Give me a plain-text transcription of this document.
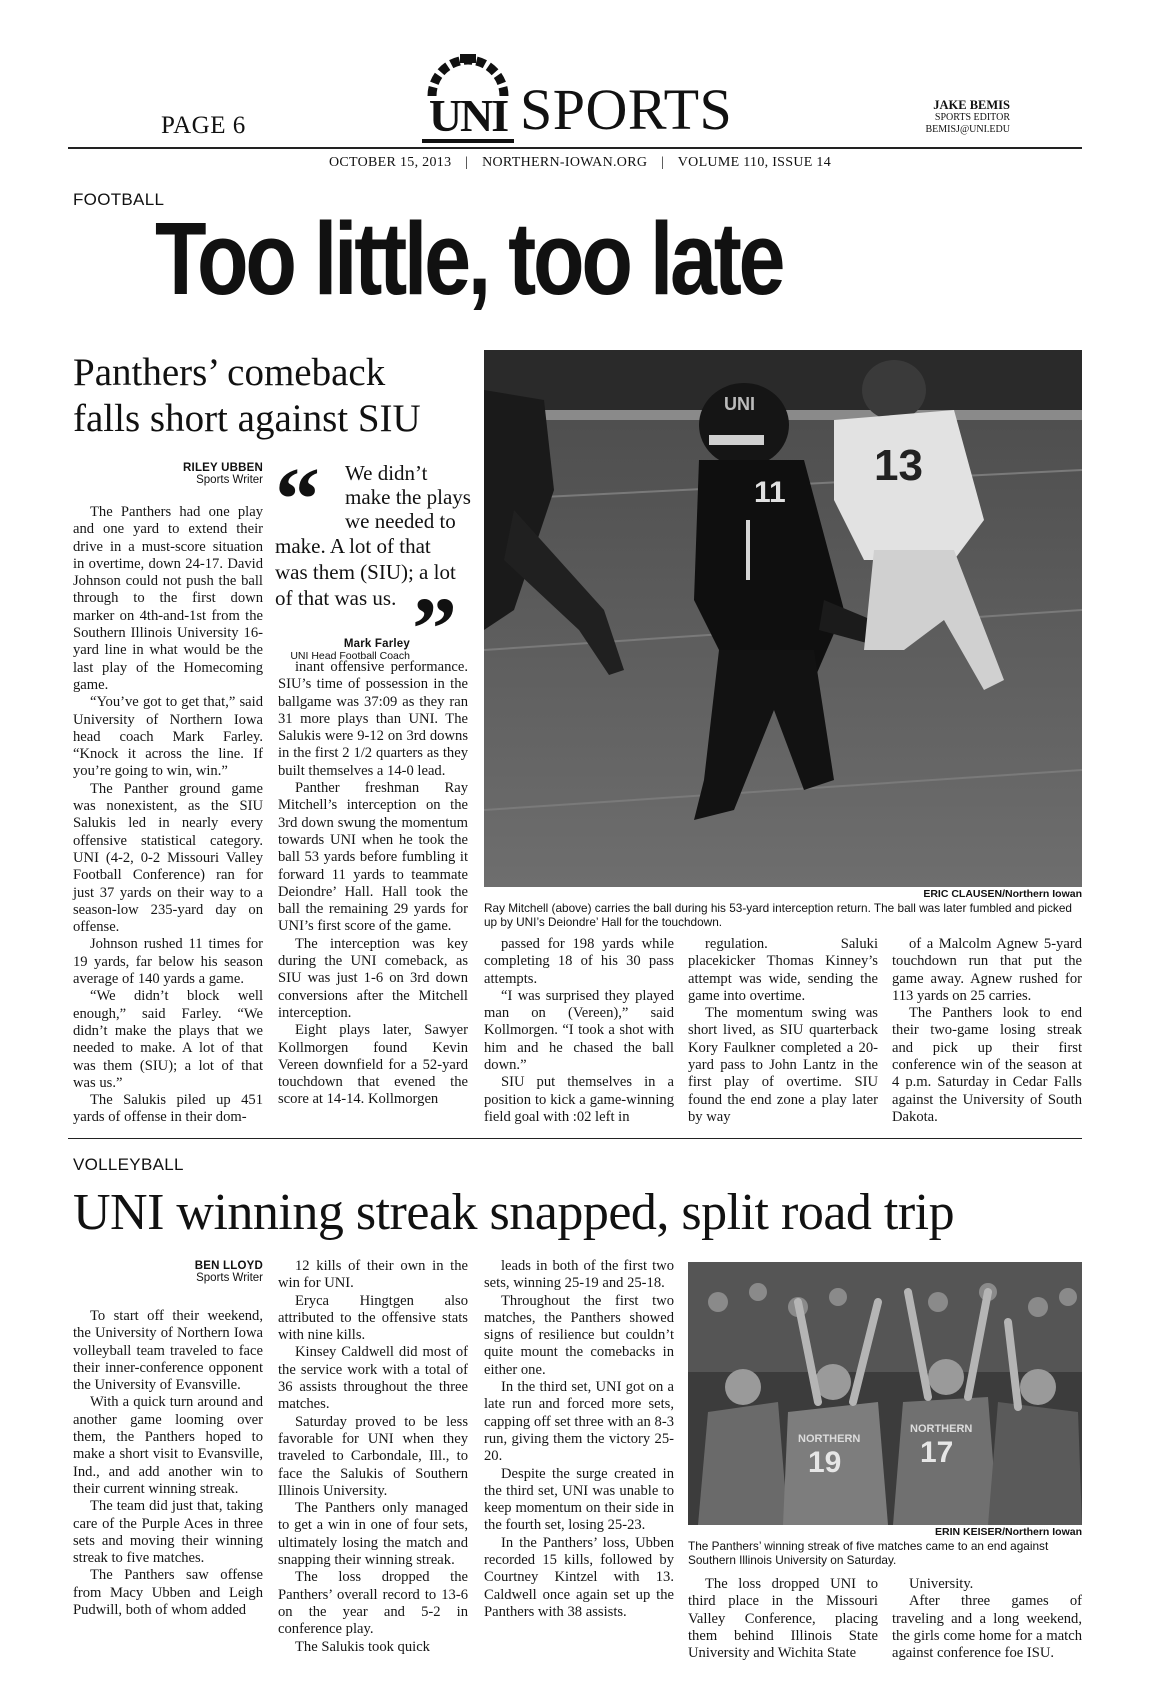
PAGE 6	UNI SPORTS	JAKE BEMIS
SPORTS EDITOR
BEMISJ@UNI.EDU
OCTOBER 15, 2013 | NORTHERN-IOWAN.ORG | VOLUME 110, ISSUE 14
FOOTBALL
Too little, too late
Panthers’ comeback
falls short against SIU
RILEY UBBEN
Sports Writer “ We didn’t
make the plays
we needed to
make. A lot of that was them (SIU); a lot of that was us.
Mark Farley
UNI Head Football Coach ”

The Panthers had one play and one yard to extend their drive in a must-score situation in overtime, down 24-17. David Johnson could not push the ball through to the first down marker on 4th-and-1st from the Southern Illinois University 16-yard line in what would be the last play of the Homecoming game.

“You’ve got to get that,” said University of Northern Iowa head coach Mark Farley. “Knock it across the line. If you’re going to win, win.”

The Panther ground game was nonexistent, as the SIU Salukis led in nearly every offensive statistical category. UNI (4-2, 0-2 Missouri Valley Football Conference) ran for just 37 yards on their way to a season-low 235-yard day on offense.

Johnson rushed 11 times for 19 yards, far below his season average of 140 yards a game.

“We didn’t block well enough,” said Farley. “We didn’t make the plays that we needed to make. A lot of that was them (SIU); a lot of that was us.”

The Salukis piled up 451 yards of offense in their dom-

inant offensive performance. SIU’s time of possession in the ballgame was 37:09 as they ran 31 more plays than UNI. The Salukis were 9-12 on 3rd downs in the first 2 1/2 quarters as they built themselves a 14-0 lead.

Panther freshman Ray Mitchell’s interception on the 3rd down swung the momentum towards UNI when he took the ball 53 yards before fumbling it forward 11 yards to teammate Deiondre’ Hall. Hall took the ball the remaining 29 yards for UNI’s first score of the game.

The interception was key during the UNI comeback, as SIU was just 1-6 on 3rd down conversions after the Mitchell interception.

Eight plays later, Sawyer Kollmorgen found Kevin Vereen downfield for a 52-yard touchdown that evened the score at 14-14. Kollmorgen

11
UNI
13
ERIC CLAUSEN/Northern Iowan
Ray Mitchell (above) carries the ball during his 53-yard interception return. The ball was later fumbled and picked up by UNI’s Deiondre’ Hall for the touchdown.

passed for 198 yards while completing 18 of his 30 pass attempts.

“I was surprised they played man on (Vereen),” said Kollmorgen. “I took a shot with him and he chased the ball down.”

SIU put themselves in a position to kick a game-winning field goal with :02 left in

regulation. Saluki placekicker Thomas Kinney’s attempt was wide, sending the game into overtime.

The momentum swing was short lived, as SIU quarterback Kory Faulkner completed a 20-yard pass to John Lantz in the first play of overtime. SIU found the end zone a play later by way

of a Malcolm Agnew 5-yard touchdown run that put the game away. Agnew rushed for 113 yards on 25 carries.

The Panthers look to end their two-game losing streak and pick up their first conference win of the season at 4 p.m. Saturday in Cedar Falls against the University of South Dakota.

VOLLEYBALL
UNI winning streak snapped, split road trip
BEN LLOYD
Sports Writer

To start off their weekend, the University of Northern Iowa volleyball team traveled to face their inner-conference opponent the University of Evansville.

With a quick turn around and another game looming over them, the Panthers hoped to make a short visit to Evansville, Ind., and add another win to their current winning streak.

The team did just that, taking care of the Purple Aces in three sets and moving their winning streak to five matches.

The Panthers saw offense from Macy Ubben and Leigh Pudwill, both of whom added

12 kills of their own in the win for UNI.

Eryca Hingtgen also attributed to the offensive stats with nine kills.

Kinsey Caldwell did most of the service work with a total of 36 assists throughout the three matches.

Saturday proved to be less favorable for UNI when they traveled to Carbondale, Ill., to face the Salukis of Southern Illinois University.

The Panthers only managed to get a win in one of four sets, ultimately losing the match and snapping their winning streak.

The loss dropped the Panthers’ overall record to 13-6 on the year and 5-2 in conference play.

The Salukis took quick

leads in both of the first two sets, winning 25-19 and 25-18.

Throughout the first two matches, the Panthers showed signs of resilience but couldn’t quite mount the comebacks in either one.

In the third set, UNI got on a late run and forced more sets, capping off set three with an 8-3 run, giving them the victory 25-20.

Despite the surge created in the third set, UNI was unable to keep momentum on their side in the fourth set, losing 25-23.

In the Panthers’ loss, Ubben recorded 15 kills, followed by Courtney Kintzel with 13. Caldwell once again set up the Panthers with 38 assists.

19	17
NORTHERN
NORTHERN
ERIN KEISER/Northern Iowan
The Panthers’ winning streak of five matches came to an end against Southern Illinois University on Saturday.

The loss dropped UNI to third place in the Missouri Valley Conference, placing them behind Illinois State University and Wichita State

University.

After three games of traveling and a long weekend, the girls come home for a match against conference foe ISU.
